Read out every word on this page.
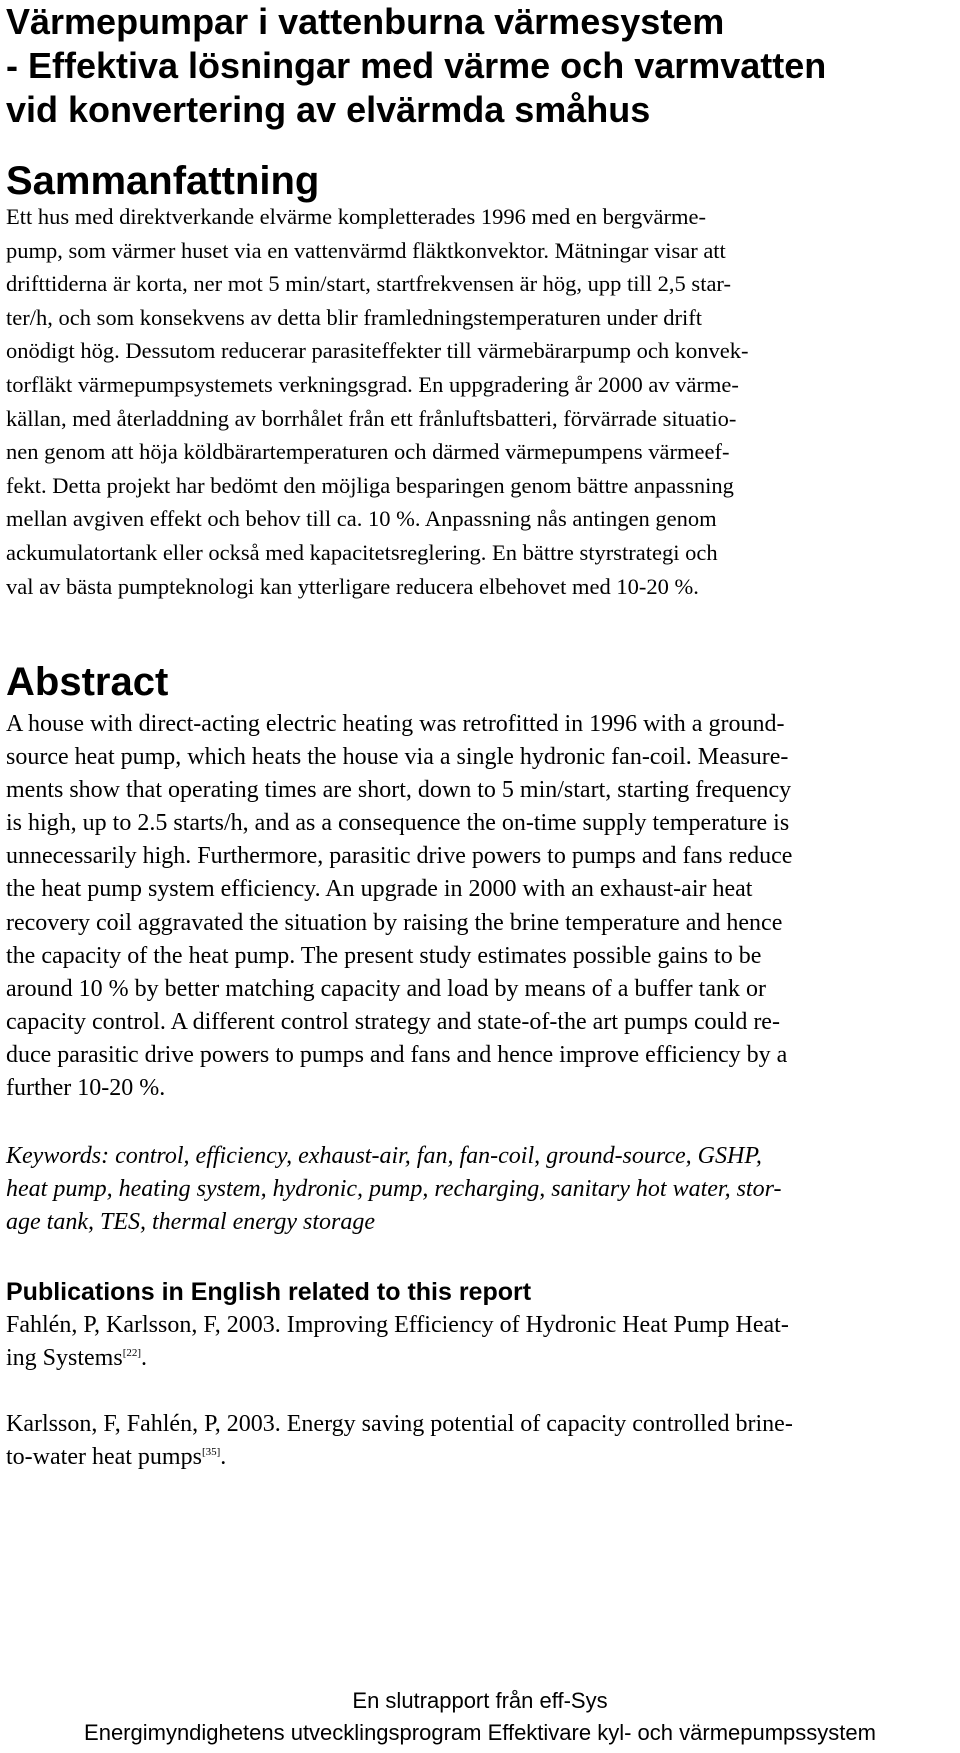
Värmepumpar i vattenburna värmesystem
- Effektiva lösningar med värme och varmvatten
vid konvertering av elvärmda småhus
Sammanfattning
Ett hus med direktverkande elvärme kompletterades 1996 med en bergvärme-
pump, som värmer huset via en vattenvärmd fläktkonvektor. Mätningar visar att
drifttiderna är korta, ner mot 5 min/start, startfrekvensen är hög, upp till 2,5 star-
ter/h, och som konsekvens av detta blir framledningstemperaturen under drift
onödigt hög. Dessutom reducerar parasiteffekter till värmebärarpump och konvek-
torfläkt värmepumpsystemets verkningsgrad. En uppgradering år 2000 av värme-
källan, med återladdning av borrhålet från ett frånluftsbatteri, förvärrade situatio-
nen genom att höja köldbärartemperaturen och därmed värmepumpens värmeef-
fekt. Detta projekt har bedömt den möjliga besparingen genom bättre anpassning
mellan avgiven effekt och behov till ca. 10 %. Anpassning nås antingen genom
ackumulatortank eller också med kapacitetsreglering. En bättre styrstrategi och
val av bästa pumpteknologi kan ytterligare reducera elbehovet med 10-20 %.
Abstract
A house with direct-acting electric heating was retrofitted in 1996 with a ground-
source heat pump, which heats the house via a single hydronic fan-coil. Measure-
ments show that operating times are short, down to 5 min/start, starting frequency
is high, up to 2.5 starts/h, and as a consequence the on-time supply temperature is
unnecessarily high. Furthermore, parasitic drive powers to pumps and fans reduce
the heat pump system efficiency. An upgrade in 2000 with an exhaust-air heat
recovery coil aggravated the situation by raising the brine temperature and hence
the capacity of the heat pump. The present study estimates possible gains to be
around 10 % by better matching capacity and load by means of a buffer tank or
capacity control. A different control strategy and state-of-the art pumps could re-
duce parasitic drive powers to pumps and fans and hence improve efficiency by a
further 10-20 %.
Keywords: control, efficiency, exhaust-air, fan, fan-coil, ground-source, GSHP,
heat pump, heating system, hydronic, pump, recharging, sanitary hot water, stor-
age tank, TES, thermal energy storage
Publications in English related to this report
Fahlén, P, Karlsson, F, 2003. Improving Efficiency of Hydronic Heat Pump Heat-
ing Systems[22].
Karlsson, F, Fahlén, P, 2003. Energy saving potential of capacity controlled brine-
to-water heat pumps[35].
En slutrapport från eff-Sys
Energimyndighetens utvecklingsprogram Effektivare kyl- och värmepumpssystem
